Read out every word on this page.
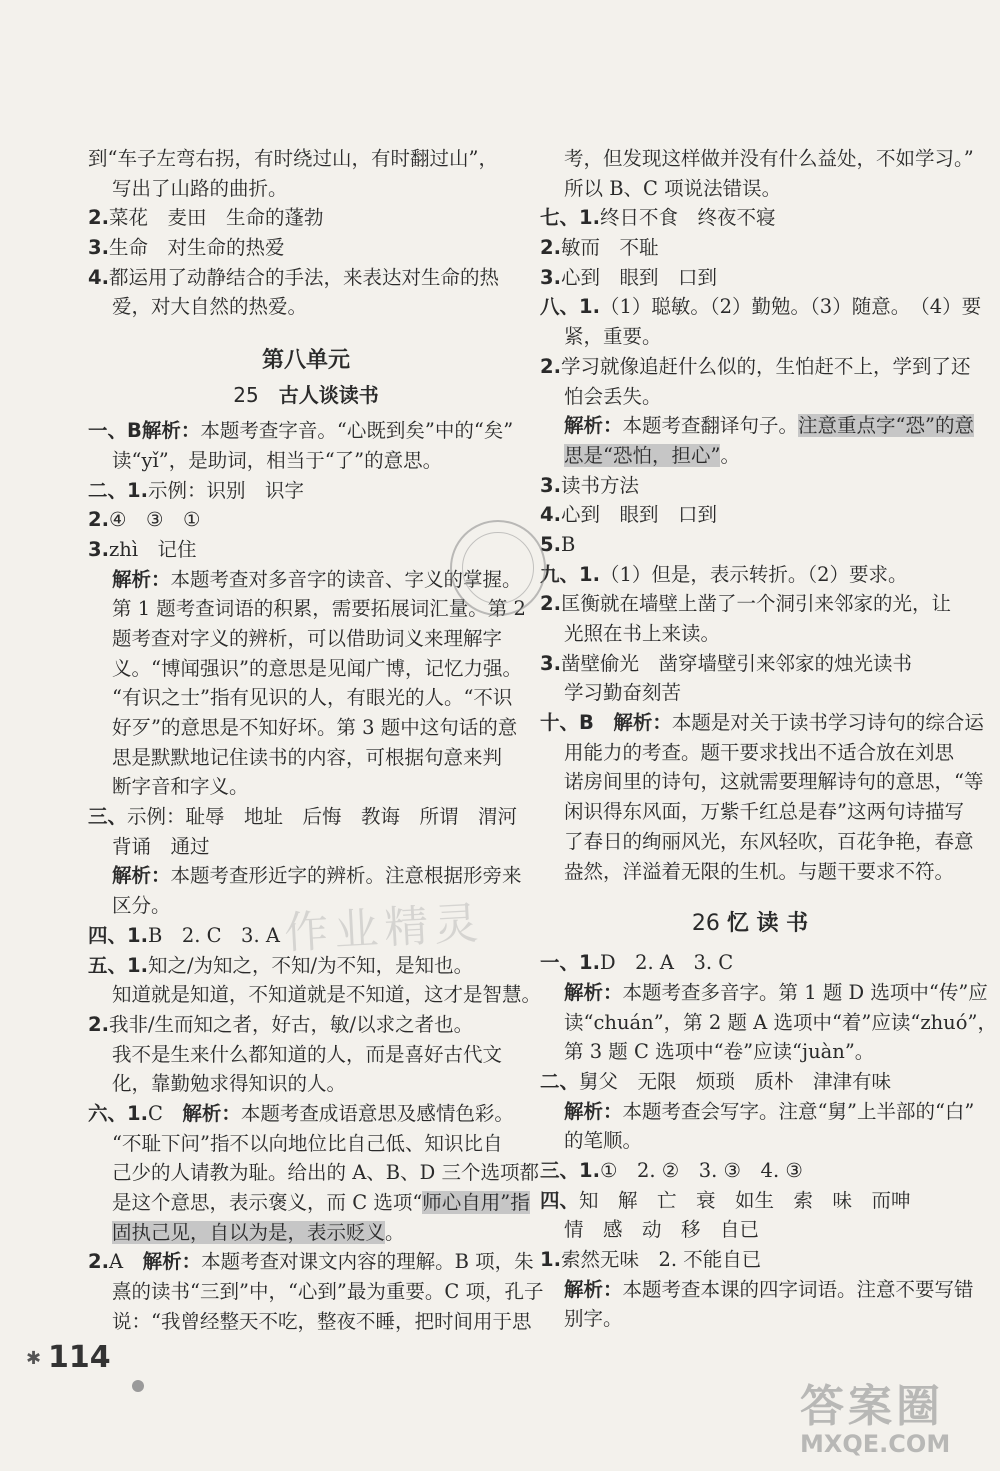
到“车子左弯右拐，有时绕过山，有时翻过山”，
写出了山路的曲折。
2.菜花　麦田　生命的蓬勃
3.生命　对生命的热爱
4.都运用了动静结合的手法，来表达对生命的热
爱，对大自然的热爱。
第八单元
25　 古人谈读书
一、B解析：本题考查字音。“心既到矣”中的“矣”
读“yǐ”，是助词，相当于“了”的意思。
二、1.示例：识别　识字
2.④　③　①
3.zhì　记住
解析：本题考查对多音字的读音、字义的掌握。
第 1 题考查词语的积累，需要拓展词汇量。第 2
题考查对字义的辨析，可以借助词义来理解字
义。“博闻强识”的意思是见闻广博，记忆力强。
“有识之士”指有见识的人，有眼光的人。“不识
好歹”的意思是不知好坏。第 3 题中这句话的意
思是默默地记住读书的内容，可根据句意来判
断字音和字义。
三、示例：耻辱　地址　后悔　教诲　所谓　渭河
背诵　通过
解析：本题考查形近字的辨析。注意根据形旁来
区分。
四、1.B　2. C　3. A
五、1.知之/为知之，不知/为不知，是知也。
知道就是知道，不知道就是不知道，这才是智慧。
2.我非/生而知之者，好古，敏/以求之者也。
我不是生来什么都知道的人，而是喜好古代文
化，靠勤勉求得知识的人。
六、1.C　解析：本题考查成语意思及感情色彩。
“不耻下问”指不以向地位比自己低、知识比自
己少的人请教为耻。给出的 A、B、D 三个选项都
是这个意思，表示褒义，而 C 选项“师心自用”指
固执己见，自以为是，表示贬义。
2.A　解析：本题考查对课文内容的理解。B 项，朱
熹的读书“三到”中，“心到”最为重要。C 项，孔子
说：“我曾经整天不吃，整夜不睡，把时间用于思
考，但发现这样做并没有什么益处，不如学习。”
所以 B、C 项说法错误。
七、1.终日不食　终夜不寝
2.敏而　不耻
3.心到　眼到　口到
八、1.（1）聪敏。（2）勤勉。（3）随意。　（4）要
紧，重要。
2.学习就像追赶什么似的，生怕赶不上，学到了还
怕会丢失。
解析：本题考查翻译句子。注意重点字“恐”的意
思是“恐怕，担心”。
3.读书方法
4.心到　眼到　口到
5.B
九、1.（1）但是，表示转折。（2）要求。
2.匡衡就在墙壁上凿了一个洞引来邻家的光，让
光照在书上来读。
3.凿壁偷光　凿穿墙壁引来邻家的烛光读书
学习勤奋刻苦
十、B　解析：本题是对关于读书学习诗句的综合运
用能力的考查。题干要求找出不适合放在刘思
诺房间里的诗句，这就需要理解诗句的意思，“等
闲识得东风面，万紫千红总是春”这两句诗描写
了春日的绚丽风光，东风轻吹，百花争艳，春意
盎然，洋溢着无限的生机。与题干要求不符。
26 忆 读 书
一、1.D　2. A　3. C
解析：本题考查多音字。第 1 题 D 选项中“传”应
读“chuán”，第 2 题 A 选项中“着”应读“zhuó”，
第 3 题 C 选项中“卷”应读“juàn”。
二、舅父　无限　烦琐　质朴　津津有味
解析：本题考查会写字。注意“舅”上半部的“白”
的笔顺。
三、1.①　2. ②　3. ③　4. ③
四、知　解　亡　衰　如生　索　味　而呻
情　感　动　移　自已
1.索然无味　2. 不能自已
解析：本题考查本课的四字词语。注意不要写错
别字。
作业精灵
✱ 114
答案圈
MXQE.COM
